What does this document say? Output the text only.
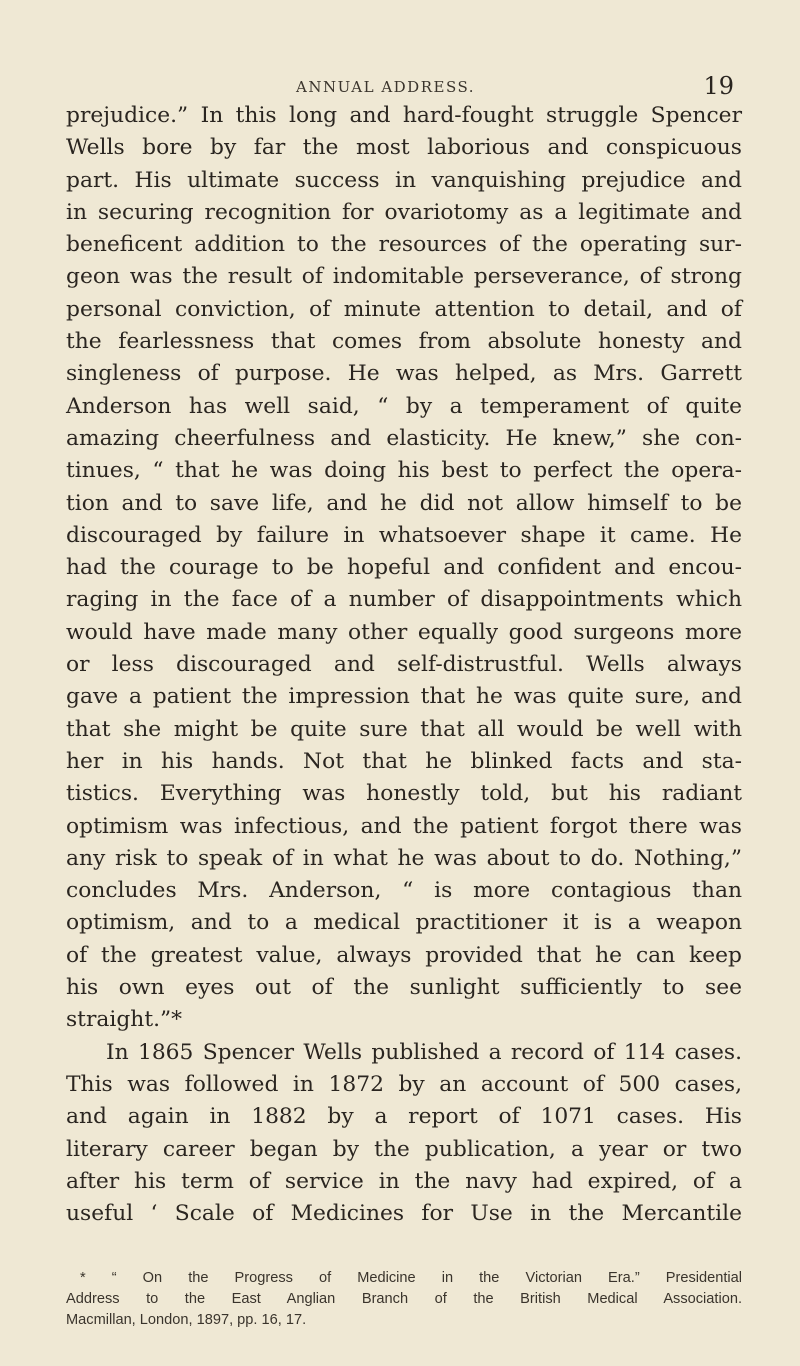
ANNUAL ADDRESS.	19
prejudice.” In this long and hard-fought struggle Spencer
Wells bore by far the most laborious and conspicuous
part. His ultimate success in vanquishing prejudice and
in securing recognition for ovariotomy as a legitimate and
beneficent addition to the resources of the operating sur-
geon was the result of indomitable perseverance, of strong
personal conviction, of minute attention to detail, and of
the fearlessness that comes from absolute honesty and
singleness of purpose. He was helped, as Mrs. Garrett
Anderson has well said, “ by a temperament of quite
amazing cheerfulness and elasticity. He knew,” she con-
tinues, “ that he was doing his best to perfect the opera-
tion and to save life, and he did not allow himself to be
discouraged by failure in whatsoever shape it came. He
had the courage to be hopeful and confident and encou-
raging in the face of a number of disappointments which
would have made many other equally good surgeons more
or less discouraged and self-distrustful. Wells always
gave a patient the impression that he was quite sure, and
that she might be quite sure that all would be well with
her in his hands. Not that he blinked facts and sta-
tistics. Everything was honestly told, but his radiant
optimism was infectious, and the patient forgot there was
any risk to speak of in what he was about to do. Nothing,”
concludes Mrs. Anderson, “ is more contagious than
optimism, and to a medical practitioner it is a weapon
of the greatest value, always provided that he can keep
his own eyes out of the sunlight sufficiently to see
straight.”*
In 1865 Spencer Wells published a record of 114 cases.
This was followed in 1872 by an account of 500 cases,
and again in 1882 by a report of 1071 cases. His
literary career began by the publication, a year or two
after his term of service in the navy had expired, of a
useful ‘ Scale of Medicines for Use in the Mercantile
* “ On the Progress of Medicine in the Victorian Era.” Presidential
Address to the East Anglian Branch of the British Medical Association.
Macmillan, London, 1897, pp. 16, 17.
